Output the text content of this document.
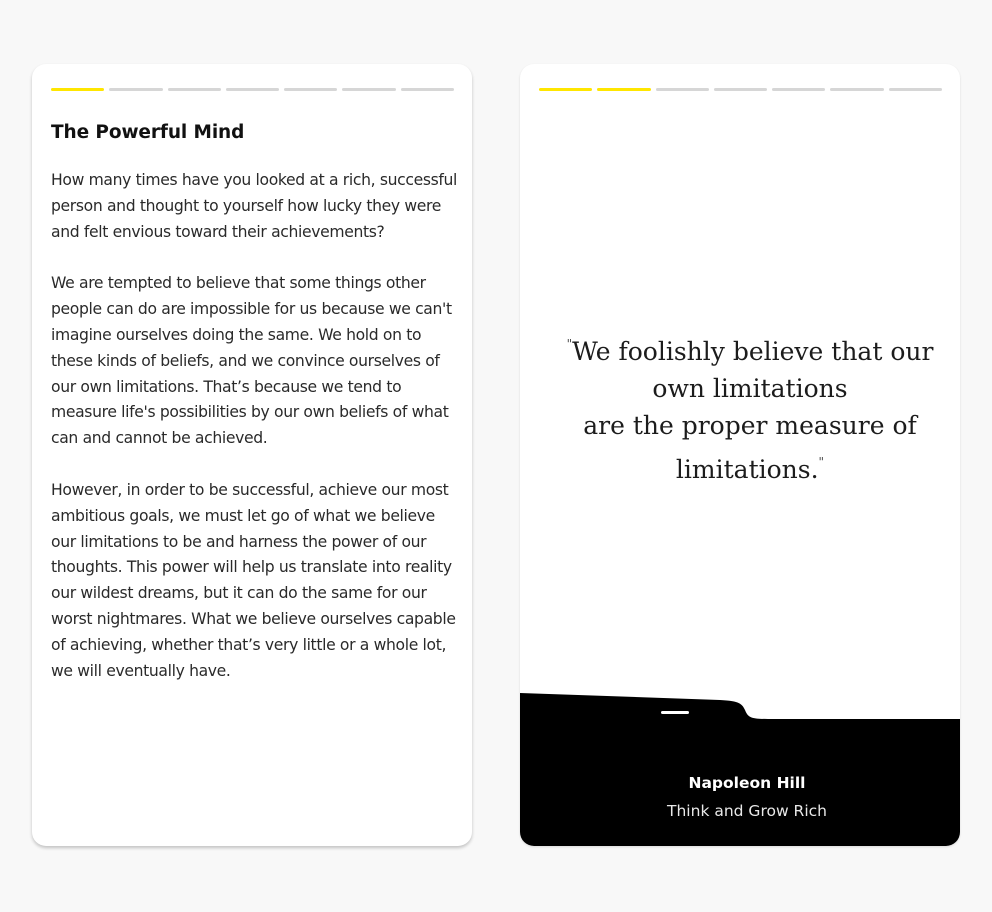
The Powerful Mind

How many times have you looked at a rich, successful person and thought to yourself how lucky they were and felt envious toward their achievements?

We are tempted to believe that some things other people can do are impossible for us because we can't imagine ourselves doing the same. We hold on to these kinds of beliefs, and we convince ourselves of our own limitations. That’s because we tend to measure life's possibilities by our own beliefs of what can and cannot be achieved.

However, in order to be successful, achieve our most ambitious goals, we must let go of what we believe our limitations to be and harness the power of our thoughts. This power will help us translate into reality our wildest dreams, but it can do the same for our worst nightmares. What we believe ourselves capable of achieving, whether that’s very little or a whole lot, we will eventually have.

"We foolishly believe that our
own limitations
are the proper measure of
limitations."

Napoleon Hill
Think and Grow Rich
